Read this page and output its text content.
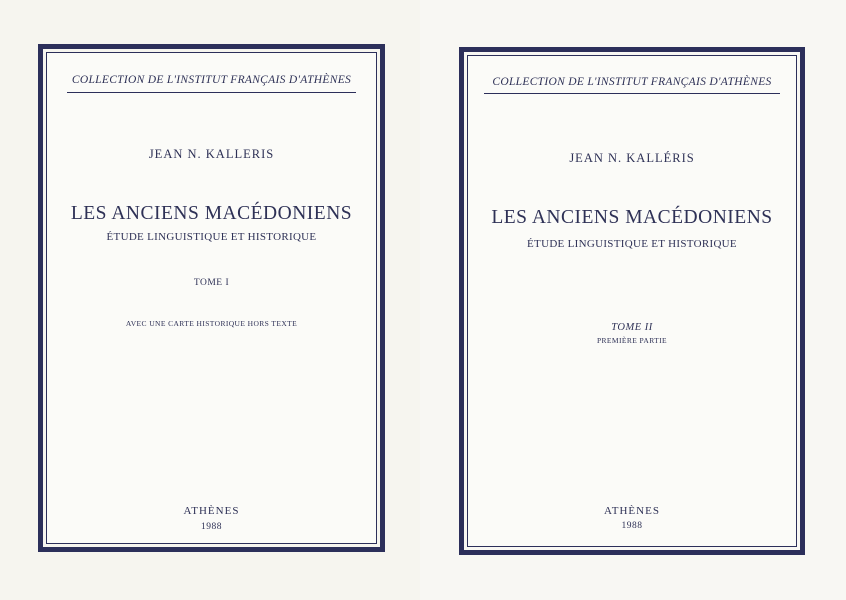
COLLECTION DE L'INSTITUT FRANÇAIS D'ATHÈNES
JEAN N. KALLERIS
LES ANCIENS MACÉDONIENS
ÉTUDE LINGUISTIQUE ET HISTORIQUE
TOME I
AVEC UNE CARTE HISTORIQUE HORS TEXTE
ATHÈNES
1988
COLLECTION DE L'INSTITUT FRANÇAIS D'ATHÈNES
JEAN N. KALLÉRIS
LES ANCIENS MACÉDONIENS
ÉTUDE LINGUISTIQUE ET HISTORIQUE
TOME II
PREMIÈRE PARTIE
ATHÈNES
1988
